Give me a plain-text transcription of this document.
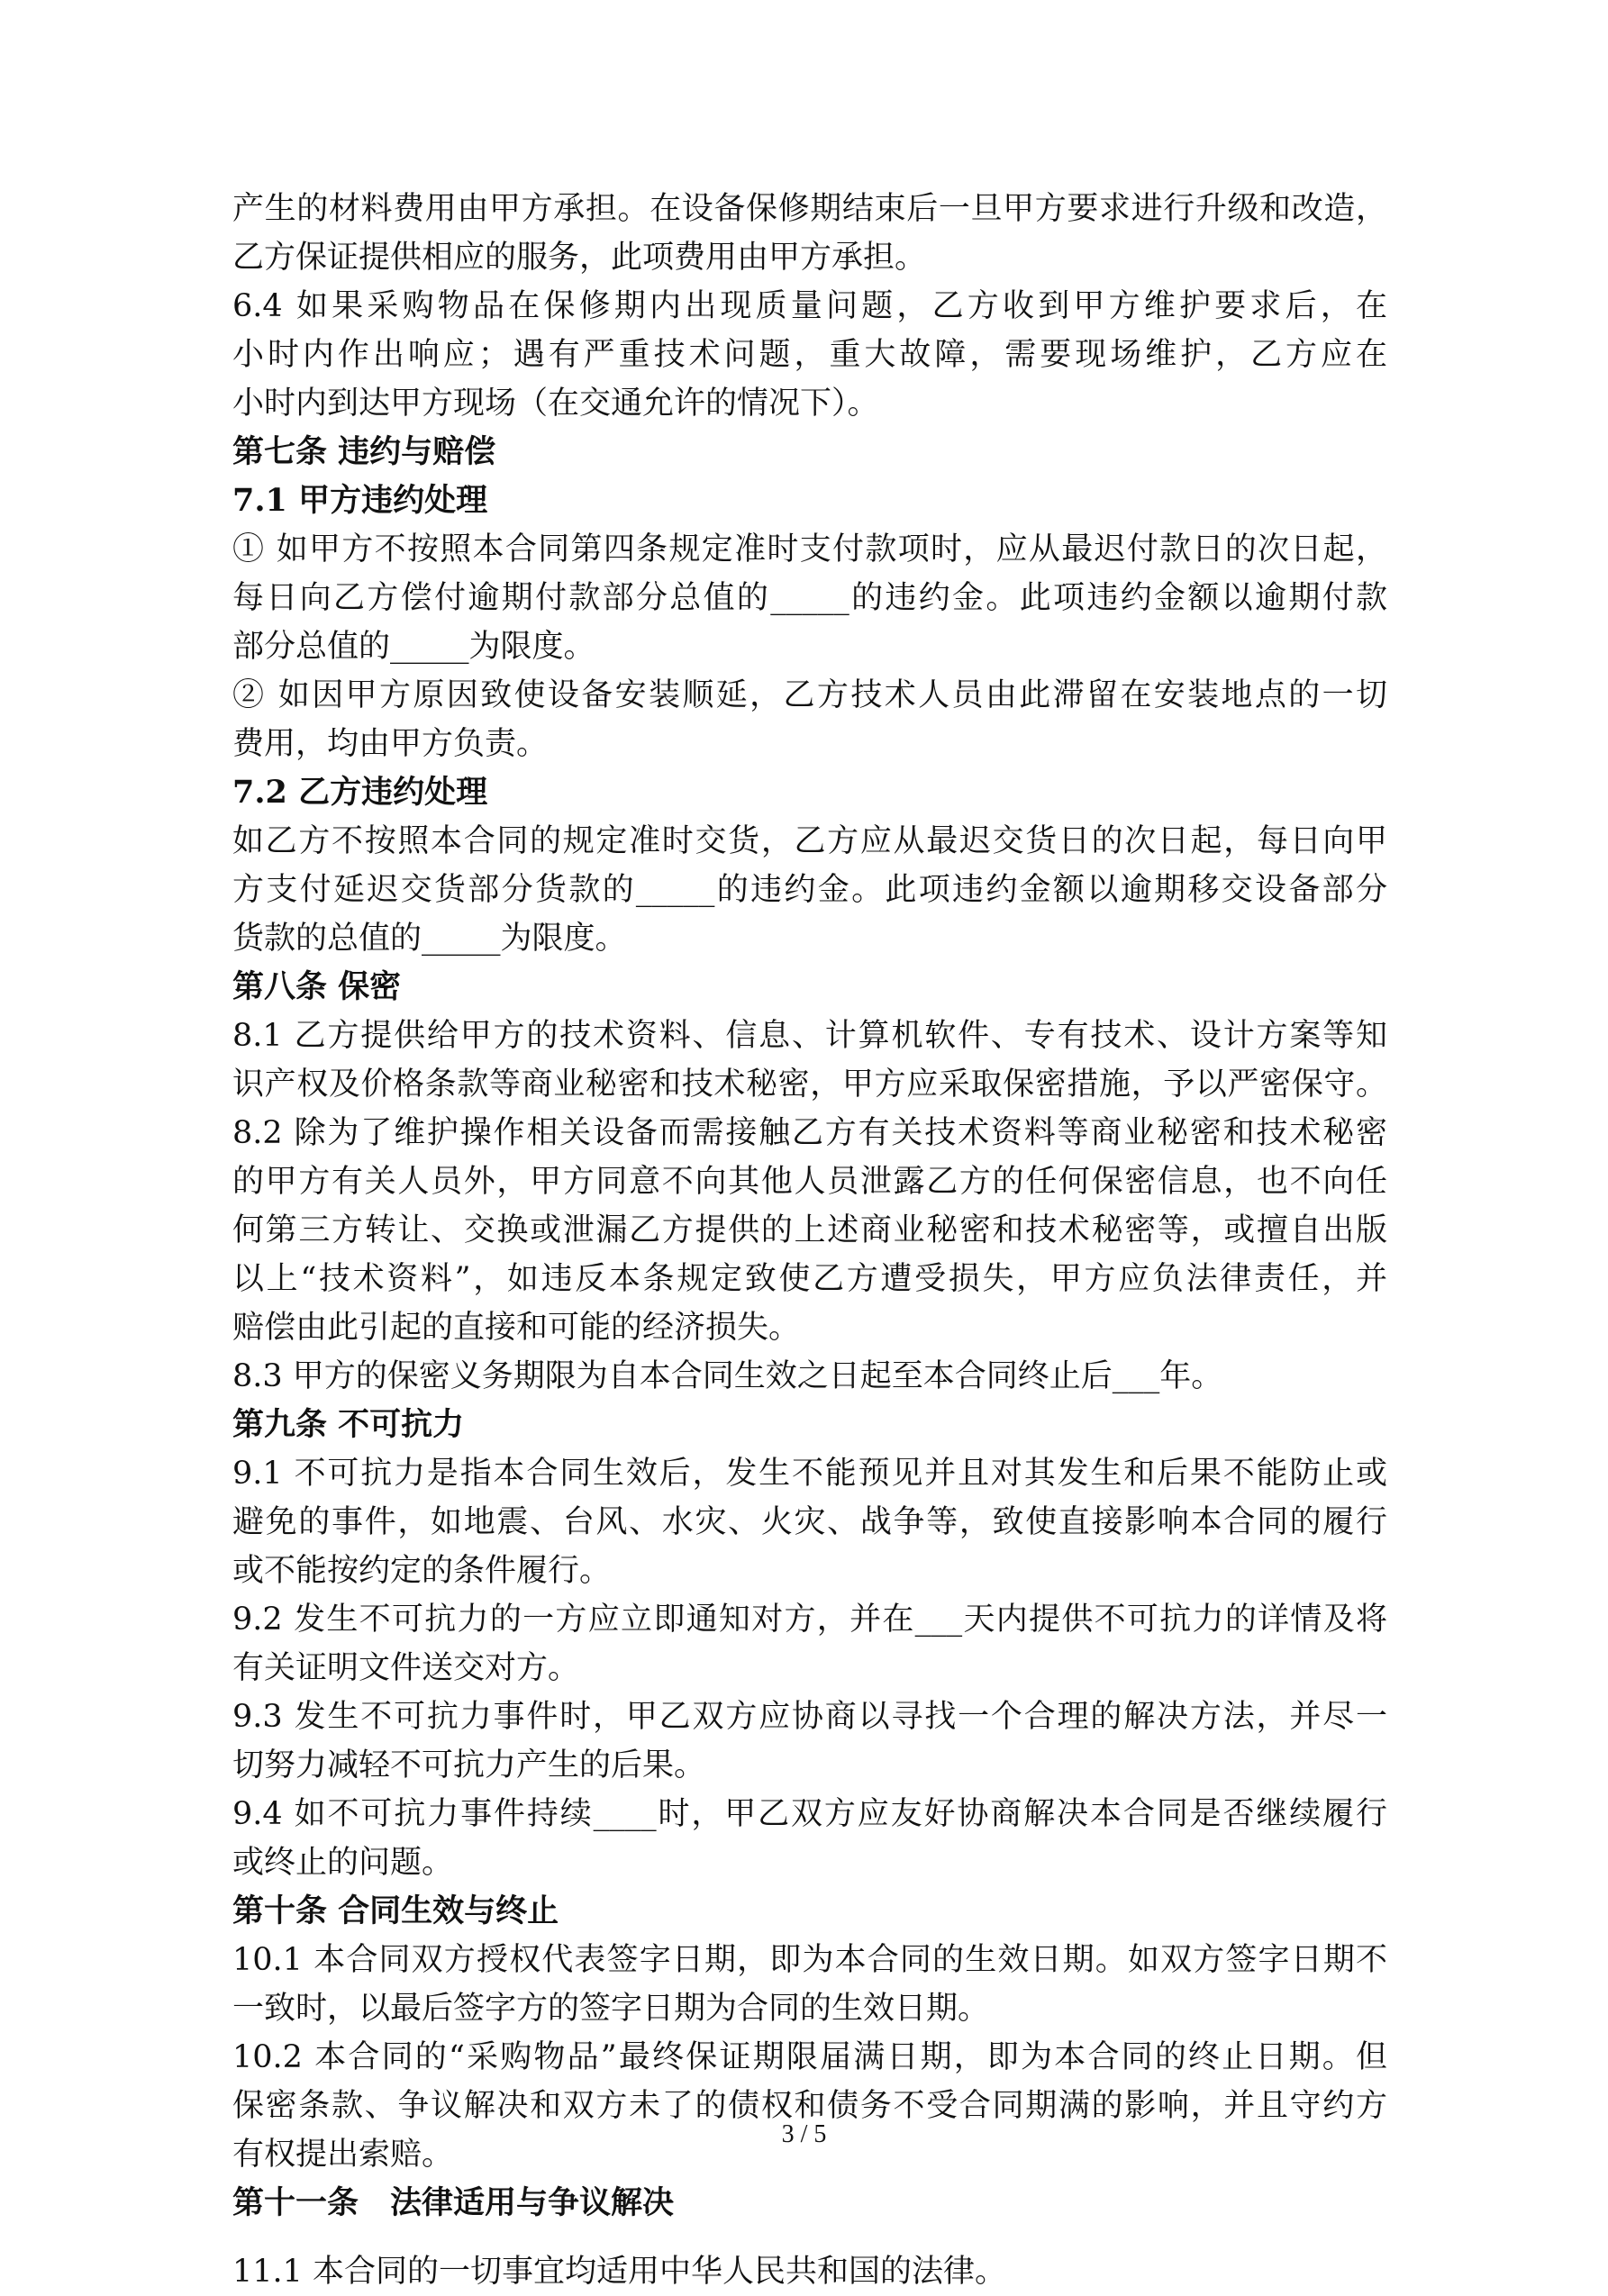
产生的材料费用由甲方承担。在设备保修期结束后一旦甲方要求进行升级和改造，
乙方保证提供相应的服务，此项费用由甲方承担。
6.4 如果采购物品在保修期内出现质量问题，乙方收到甲方维护要求后，在
小时内作出响应；遇有严重技术问题，重大故障，需要现场维护，乙方应在
小时内到达甲方现场（在交通允许的情况下）。
第七条 违约与赔偿
7.1 甲方违约处理
① 如甲方不按照本合同第四条规定准时支付款项时，应从最迟付款日的次日起，
每日向乙方偿付逾期付款部分总值的_____的违约金。此项违约金额以逾期付款
部分总值的_____为限度。
② 如因甲方原因致使设备安装顺延，乙方技术人员由此滞留在安装地点的一切
费用，均由甲方负责。
7.2 乙方违约处理
如乙方不按照本合同的规定准时交货，乙方应从最迟交货日的次日起，每日向甲
方支付延迟交货部分货款的_____的违约金。此项违约金额以逾期移交设备部分
货款的总值的_____为限度。
第八条 保密
8.1 乙方提供给甲方的技术资料、信息、计算机软件、专有技术、设计方案等知
识产权及价格条款等商业秘密和技术秘密，甲方应采取保密措施，予以严密保守。
8.2 除为了维护操作相关设备而需接触乙方有关技术资料等商业秘密和技术秘密
的甲方有关人员外，甲方同意不向其他人员泄露乙方的任何保密信息，也不向任
何第三方转让、交换或泄漏乙方提供的上述商业秘密和技术秘密等，或擅自出版
以上“技术资料”，如违反本条规定致使乙方遭受损失，甲方应负法律责任，并
赔偿由此引起的直接和可能的经济损失。
8.3 甲方的保密义务期限为自本合同生效之日起至本合同终止后___年。
第九条 不可抗力
9.1 不可抗力是指本合同生效后，发生不能预见并且对其发生和后果不能防止或
避免的事件，如地震、台风、水灾、火灾、战争等，致使直接影响本合同的履行
或不能按约定的条件履行。
9.2 发生不可抗力的一方应立即通知对方，并在___天内提供不可抗力的详情及将
有关证明文件送交对方。
9.3 发生不可抗力事件时，甲乙双方应协商以寻找一个合理的解决方法，并尽一
切努力减轻不可抗力产生的后果。
9.4 如不可抗力事件持续____时，甲乙双方应友好协商解决本合同是否继续履行
或终止的问题。
第十条 合同生效与终止
10.1 本合同双方授权代表签字日期，即为本合同的生效日期。如双方签字日期不
一致时，以最后签字方的签字日期为合同的生效日期。
10.2 本合同的“采购物品”最终保证期限届满日期，即为本合同的终止日期。但
保密条款、争议解决和双方未了的债权和债务不受合同期满的影响，并且守约方
有权提出索赔。
第十一条　法律适用与争议解决
11.1 本合同的一切事宜均适用中华人民共和国的法律。
3 / 5
